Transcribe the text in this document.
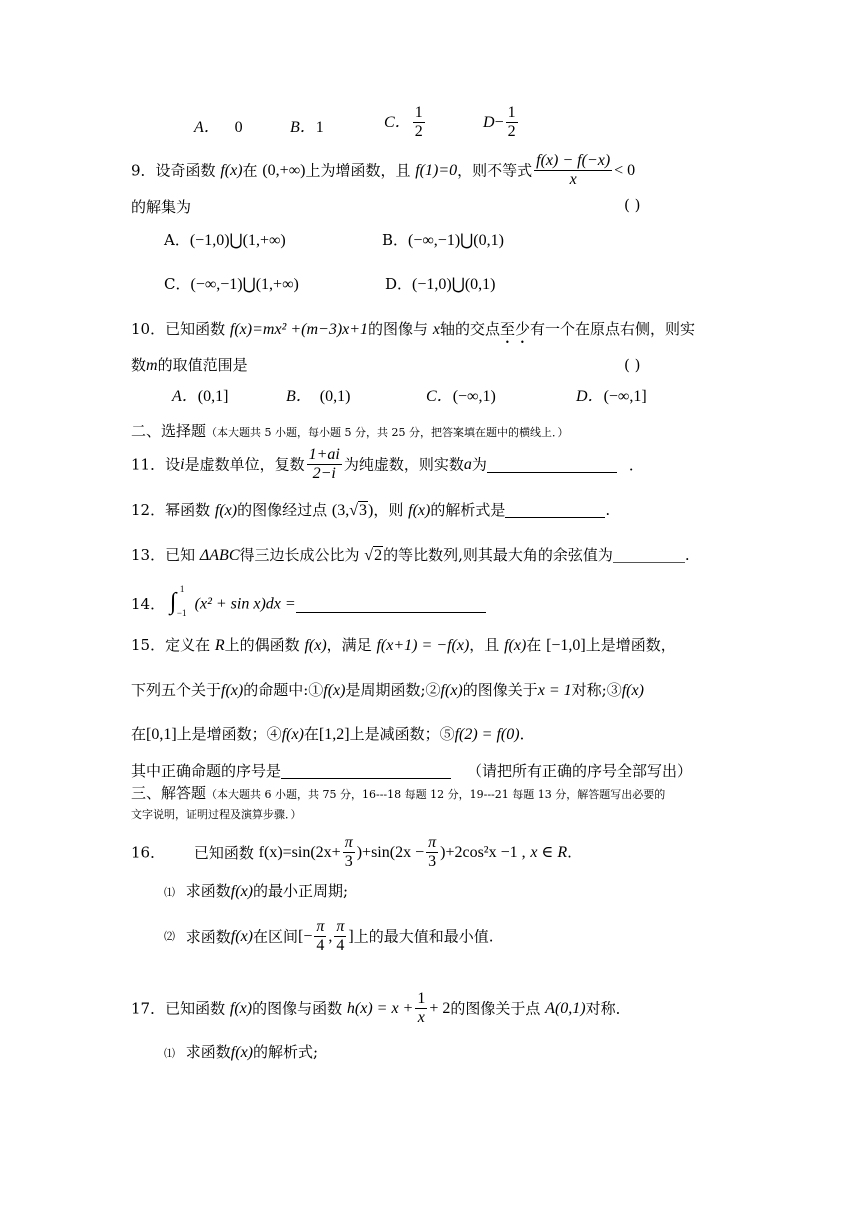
A． 0	B．1	C． $\frac{1}{2}$	$D- \frac{1}{2}$
9．设奇函数 f(x)在 (0,+∞)上为增函数，且 f(1)=0，则不等式 $\frac{f(x) - f(-x)}{x} < 0$
的解集为	( )
A．(−1,0)⋃(1,+∞)	B．(−∞,−1)⋃(0,1)
C．(−∞,−1)⋃(1,+∞)	D．(−1,0)⋃(0,1)
10．已知函数 f(x)=mx² +(m−3)x+1的图像与 x轴的交点至少有一个在原点右侧，则实
数m的取值范围是	( )
A．(0,1]	B． (0,1)	C．(−∞,1)	D．(−∞,1]
二、选择题（本大题共 5 小题，每小题 5 分，共 25 分，把答案填在题中的横线上．）
11．设i是虚数单位，复数 $\frac{1+ai}{2-i}$ 为纯虚数，则实数a为	．
12．幂函数 f(x)的图像经过点 (3,√3)，则 f(x)的解析式是	.
13．已知 ΔABC得三边长成公比为 √2的等比数列,则其最大角的余弦值为	.
14． ∫ 1
−1
(x² + sin x)dx =
15．定义在 R上的偶函数 f(x)，满足 f(x+1) = −f(x)，且 f(x)在 [−1,0]上是增函数，
下列五个关于f(x)的命题中:①f(x)是周期函数;②f(x)的图像关于x = 1对称;③f(x)
在[0,1]上是增函数；④f(x)在[1,2]上是减函数；⑤f(2) = f(0)．
其中正确命题的序号是	（请把所有正确的序号全部写出）
三、解答题（本大题共 6 小题，共 75 分，16---18 每题 12 分，19---21 每题 13 分，解答题写出必要的
文字说明，证明过程及演算步骤．）
16． 已知函数 $f(x)=\sin(2x+ \frac{\pi}{3} )+\sin(2x - \frac{\pi}{3} )+2\cos^2x -1$ , x ∈ R.
⑴ 求函数f(x)的最小正周期;
⑵ 求函数f(x)在区间[− $\frac{\pi}{4}$ , $\frac{\pi}{4}$ ]上的最大值和最小值.
17．已知函数 f(x)的图像与函数 $h(x) = x + \frac{1}{x} + 2$的图像关于点 A(0,1)对称．
⑴ 求函数f(x)的解析式;
